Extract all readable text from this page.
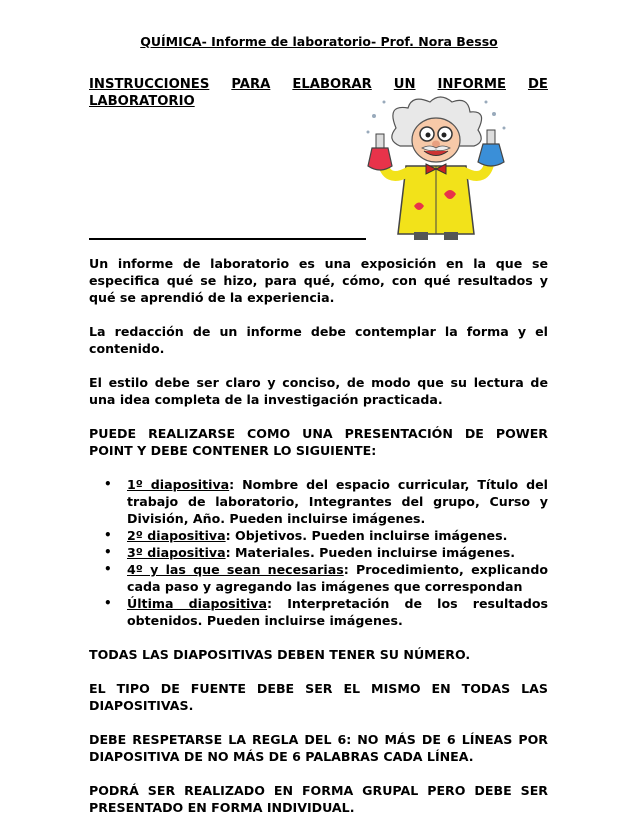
QUÍMICA- Informe de laboratorio- Prof. Nora Besso
INSTRUCCIONES PARA ELABORAR UN INFORME DE
LABORATORIO

Un informe de laboratorio es una exposición en la que se especifica qué se hizo, para qué, cómo, con qué resultados y qué se aprendió de la experiencia.

La redacción de un informe debe contemplar la forma y el contenido.

El estilo debe ser claro y conciso, de modo que su lectura de una idea completa de la investigación practicada.

PUEDE REALIZARSE COMO UNA PRESENTACIÓN DE POWER POINT Y DEBE CONTENER LO SIGUIENTE:

• 1º diapositiva: Nombre del espacio curricular, Título del trabajo de laboratorio, Integrantes del grupo, Curso y División, Año. Pueden incluirse imágenes.
• 2º diapositiva: Objetivos. Pueden incluirse imágenes.
• 3º diapositiva: Materiales. Pueden incluirse imágenes.
• 4º y las que sean necesarias: Procedimiento, explicando cada paso y agregando las imágenes que correspondan
• Última diapositiva: Interpretación de los resultados obtenidos. Pueden incluirse imágenes.

TODAS LAS DIAPOSITIVAS DEBEN TENER SU NÚMERO.

EL TIPO DE FUENTE DEBE SER EL MISMO EN TODAS LAS DIAPOSITIVAS.

DEBE RESPETARSE LA REGLA DEL 6: NO MÁS DE 6 LÍNEAS POR DIAPOSITIVA DE NO MÁS DE 6 PALABRAS CADA LÍNEA.

PODRÁ SER REALIZADO EN FORMA GRUPAL PERO DEBE SER PRESENTADO EN FORMA INDIVIDUAL.
